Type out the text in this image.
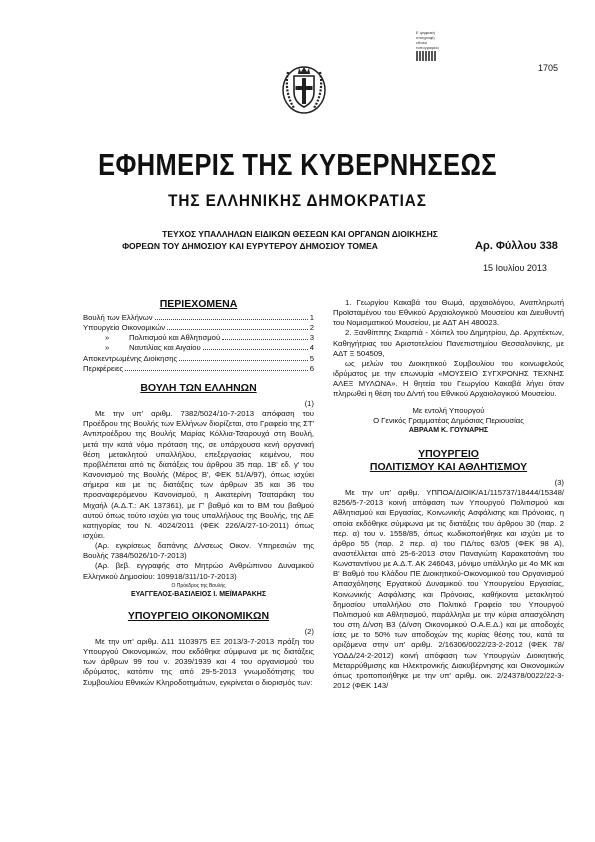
Ε ψηφιακή
υπογραφή
εθνικό
τυπογραφείο
1705
ΕΦΗΜΕΡΙΣ ΤΗΣ ΚΥΒΕΡΝΗΣΕΩΣ
ΤΗΣ ΕΛΛΗΝΙΚΗΣ ΔΗΜΟΚΡΑΤΙΑΣ
ΤΕΥΧΟΣ ΥΠΑΛΛΗΛΩΝ ΕΙΔΙΚΩΝ ΘΕΣΕΩΝ ΚΑΙ ΟΡΓΑΝΩΝ ΔΙΟΙΚΗΣΗΣ
ΦΟΡΕΩΝ ΤΟΥ ΔΗΜΟΣΙΟΥ ΚΑΙ ΕΥΡΥΤΕΡΟΥ ΔΗΜΟΣΙΟΥ ΤΟΜΕΑ	Αρ. Φύλλου 338
15 Ιουλίου 2013
ΠΕΡΙΕΧΟΜΕΝΑ
Βουλή των Ελλήνων	1
Υπουργείο Οικονομικών	2
»	Πολιτισμού και Αθλητισμού	3
»	Ναυτιλίας και Αιγαίου	4
Αποκεντρωμένης Διοίκησης	5
Περιφέρειες	6
ΒΟΥΛΗ ΤΩΝ ΕΛΛΗΝΩΝ

(1)

Με την υπ' αριθμ. 7382/5024/10-7-2013 απόφαση του Προέδρου της Βουλής των Ελλήνων διορίζεται, στο Γραφείο της ΣΤ' Αντιπροέδρου της Βουλής Μαρίας Κόλλια-Τσαρουχά στη Βουλή, μετά την κατά νόμο πρόταση της, σε υπάρχουσα κενή οργανική θέση μετακλητού υπαλλήλου, επεξεργασίας κειμένου, που προβλέπεται από τις διατάξεις του άρθρου 35 παρ. 1Β' εδ. γ' του Κανονισμού της Βουλής (Μέρος Β', ΦΕΚ 51/Α/97), όπως ισχύει σήμερα και με τις διατάξεις των άρθρων 35 και 36 του προαναφερόμενου Κανονισμού, η Αικατερίνη Τσαταράκη του Μιχαήλ (Α.Δ.Τ.: ΑΚ 137361), με Γ' βαθμό και το ΒΜ του βαθμού αυτού όπως τούτο ισχύει για τους υπαλλήλους της Βουλής, της ΔΕ κατηγορίας του Ν. 4024/2011 (ΦΕΚ 226/Α/27-10-2011) όπως ισχύει.

(Αρ. εγκρίσεως δαπάνης Δ/νσεως Οικον. Υπηρεσιών της Βουλής 7384/5026/10-7-2013)

(Αρ. βεβ. εγγραφής στο Μητρώο Ανθρώπινου Δυναμικού Ελληνικού Δημοσίου: 109918/311/10-7-2013)

Ο Πρόεδρος της Βουλής
ΕΥΑΓΓΕΛΟΣ-ΒΑΣΙΛΕΙΟΣ Ι. ΜΕΪΜΑΡΑΚΗΣ
ΥΠΟΥΡΓΕΙΟ ΟΙΚΟΝΟΜΙΚΩΝ

(2)

Με την υπ' αριθμ. Δ11 1103975 ΕΞ 2013/3-7-2013 πράξη του Υπουργού Οικονομικών, που εκδόθηκε σύμφωνα με τις διατάξεις των άρθρων 99 του ν. 2039/1939 και 4 του οργανισμού του ιδρύματος, κατόπιν της από 29-5-2013 γνωμοδότησης του Συμβουλίου Εθνικών Κληροδοτημάτων, εγκρίνεται ο διορισμός των:

1. Γεωργίου Κακαβά του Θωμά, αρχαιολόγου, Αναπληρωτή Προϊσταμένου του Εθνικού Αρχαιολογικού Μουσείου και Διευθυντή του Νομισματικού Μουσείου, με ΑΔΤ ΑΗ 480023.

2. Ξανθίππης Σκαρπιά - Χόιπελ του Δημητρίου, Δρ. Αρχιτέκτων, Καθηγήτριας του Αριστοτελείου Πανεπιστημίου Θεσσαλονίκης, με ΑΔΤ Ξ 504509,

ως μελών του Διοικητικού Συμβουλίου του κοινωφελούς ιδρύματος με την επωνυμία «ΜΟΥΣΕΙΟ ΣΥΓΧΡΟΝΗΣ ΤΕΧΝΗΣ ΑΛΕΞ ΜΥΛΩΝΑ». Η θητεία του Γεωργίου Κακαβά λήγει όταν πληρωθεί η θέση του Δ/ντή του Εθνικού Αρχαιολογικού Μουσείου.

Με εντολή Υπουργού

Ο Γενικός Γραμματέας Δημόσιας Περιουσίας

ΑΒΡΑΑΜ Κ. ΓΟΥΝΑΡΗΣ
ΥΠΟΥΡΓΕΙΟ
ΠΟΛΙΤΙΣΜΟΥ ΚΑΙ ΑΘΛΗΤΙΣΜΟΥ

(3)

Με την υπ' αριθμ. ΥΠΠΟΑ/ΔΙΟΙΚ/Α1/115737/18444/15348/ 8256/5-7-2013 κοινή απόφαση των Υπουργού Πολιτισμού και Αθλητισμού και Εργασίας, Κοινωνικής Ασφάλισης και Πρόνοιας, η οποία εκδόθηκε σύμφωνα με τις διατάξεις του άρθρου 30 (παρ. 2 περ. α) του ν. 1558/85, όπως κωδικοποιήθηκε και ισχύει με το άρθρο 55 (παρ. 2 περ. α) του ΠΔ/τος 63/05 (ΦΕΚ 98 Α), αναστέλλεται από 25-6-2013 στον Παναγιώτη Καρακατσάνη του Κωνσταντίνου με Α.Δ.Τ. ΑΚ 246043, μόνιμο υπάλληλο με 4ο ΜΚ και Β' Βαθμό του Κλάδου ΠΕ Διοικητικού-Οικονομικού του Οργανισμού Απασχόλησης Εργατικού Δυναμικού του Υπουργείου Εργασίας, Κοινωνικής Ασφάλισης και Πρόνοιας, καθήκοντα μετακλητού δημοσίου υπαλλήλου στο Πολιτικό Γραφείο του Υπουργού Πολιτισμού και Αθλητισμού, παράλληλα με την κύρια απασχόληση του στη Δ/νση Β3 (Δ/νση Οικονομικού Ο.Α.Ε.Δ.) και με αποδοχές ίσες με το 50% των αποδοχών της κυρίας θέσης του, κατά τα οριζόμενα στην υπ' αριθμ. 2/16306/0022/23-2-2012 (ΦΕΚ 78/ΥΟΔΔ/24-2-2012) κοινή απόφαση των Υπουργών Διοικητικής Μεταρρύθμισης και Ηλεκτρονικής Διακυβέρνησης και Οικονομικών όπως τροποποιήθηκε με την υπ' αριθμ. οικ. 2/24378/0022/22-3-2012 (ΦΕΚ 143/
